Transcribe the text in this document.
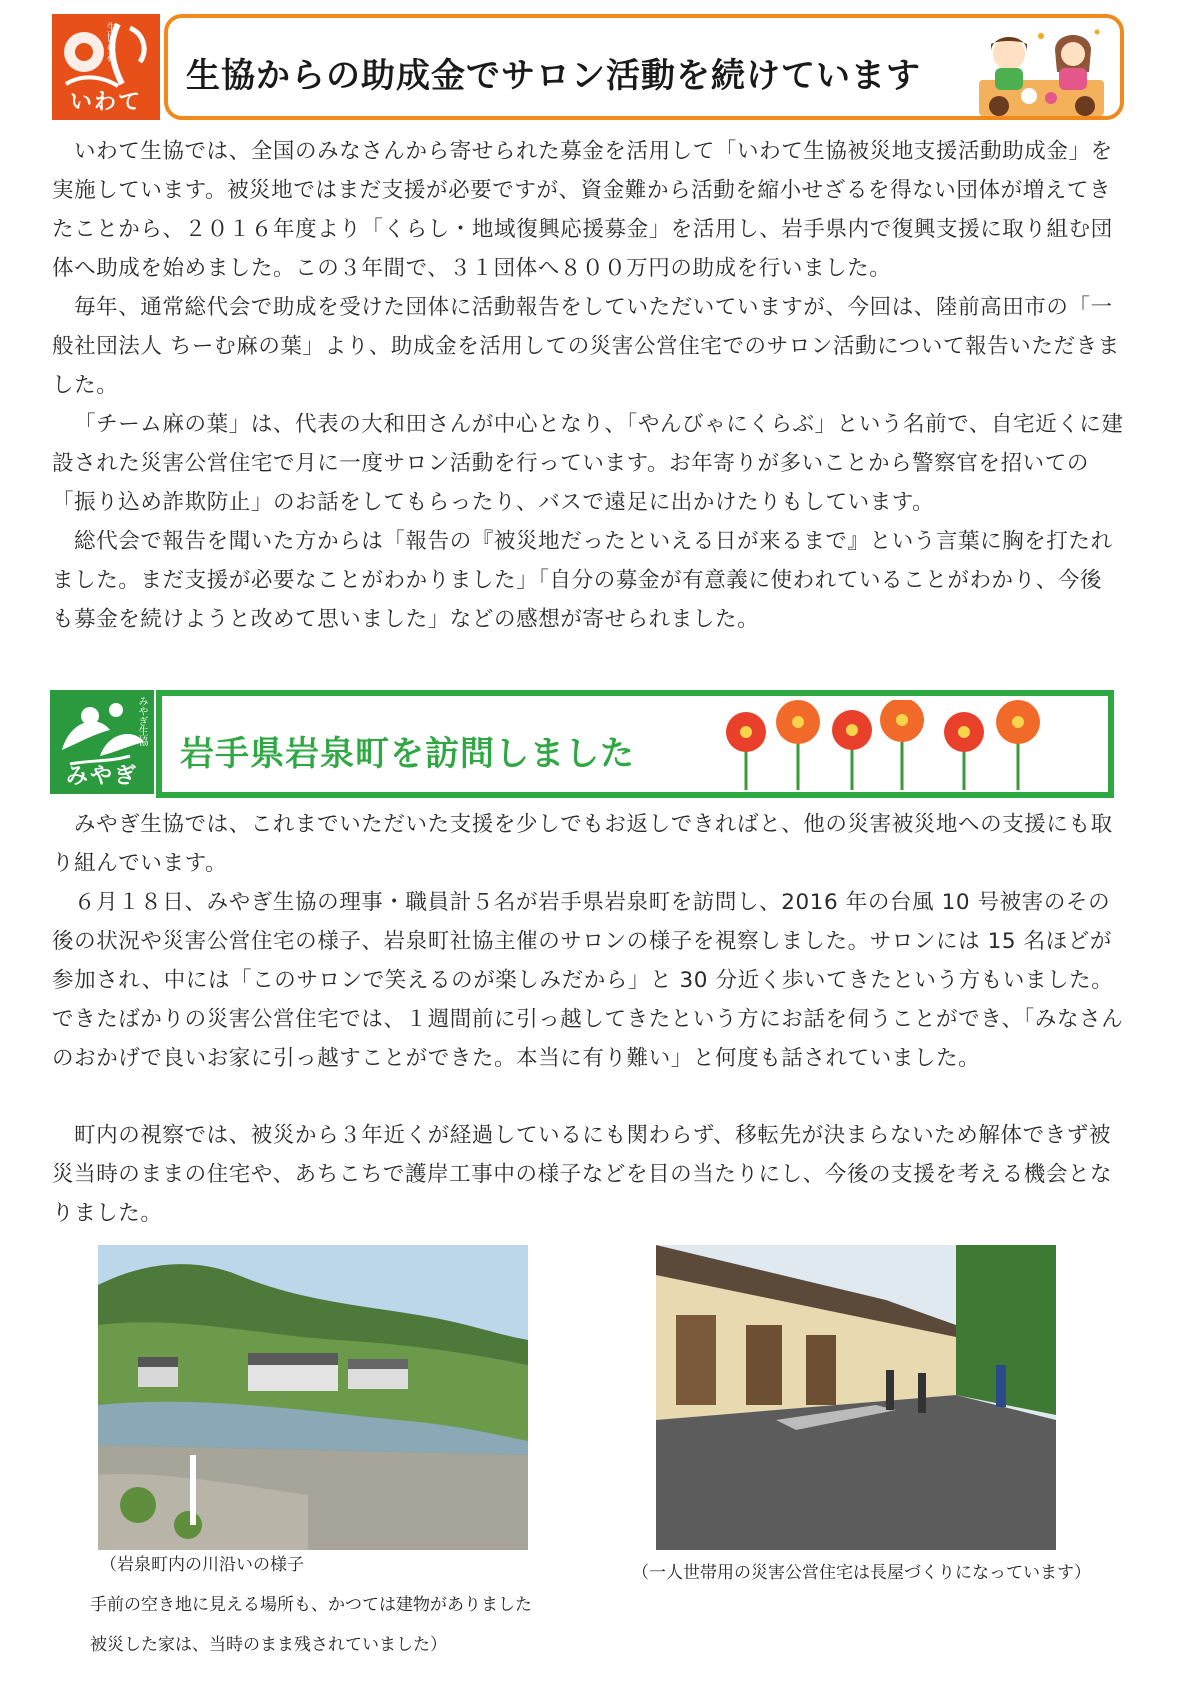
生協の花
いわて
生協からの助成金でサロン活動を続けています

いわて生協では、全国のみなさんから寄せられた募金を活用して「いわて生協被災地支援活動助成金」を実施しています。被災地ではまだ支援が必要ですが、資金難から活動を縮小せざるを得ない団体が増えてきたことから、２０１６年度より「くらし・地域復興応援募金」を活用し、岩手県内で復興支援に取り組む団体へ助成を始めました。この３年間で、３１団体へ８００万円の助成を行いました。

毎年、通常総代会で助成を受けた団体に活動報告をしていただいていますが、今回は、陸前高田市の「一般社団法人 ちーむ麻の葉」より、助成金を活用しての災害公営住宅でのサロン活動について報告いただきました。

「チーム麻の葉」は、代表の大和田さんが中心となり、「やんびゃにくらぶ」という名前で、自宅近くに建設された災害公営住宅で月に一度サロン活動を行っています。お年寄りが多いことから警察官を招いての「振り込め詐欺防止」のお話をしてもらったり、バスで遠足に出かけたりもしています。

総代会で報告を聞いた方からは「報告の『被災地だったといえる日が来るまで』という言葉に胸を打たれました。まだ支援が必要なことがわかりました」「自分の募金が有意義に使われていることがわかり、今後も募金を続けようと改めて思いました」などの感想が寄せられました。

みやぎ生協
みやぎ
岩手県岩泉町を訪問しました

みやぎ生協では、これまでいただいた支援を少しでもお返しできればと、他の災害被災地への支援にも取り組んでいます。

６月１８日、みやぎ生協の理事・職員計５名が岩手県岩泉町を訪問し、2016 年の台風 10 号被害のその後の状況や災害公営住宅の様子、岩泉町社協主催のサロンの様子を視察しました。サロンには 15 名ほどが参加され、中には「このサロンで笑えるのが楽しみだから」と 30 分近く歩いてきたという方もいました。できたばかりの災害公営住宅では、１週間前に引っ越してきたという方にお話を伺うことができ、「みなさんのおかげで良いお家に引っ越すことができた。本当に有り難い」と何度も話されていました。

町内の視察では、被災から３年近くが経過しているにも関わらず、移転先が決まらないため解体できず被災当時のままの住宅や、あちこちで護岸工事中の様子などを目の当たりにし、今後の支援を考える機会となりました。

（岩泉町内の川沿いの様子
手前の空き地に見える場所も、かつては建物がありました
被災した家は、当時のまま残されていました）
（一人世帯用の災害公営住宅は長屋づくりになっています）
